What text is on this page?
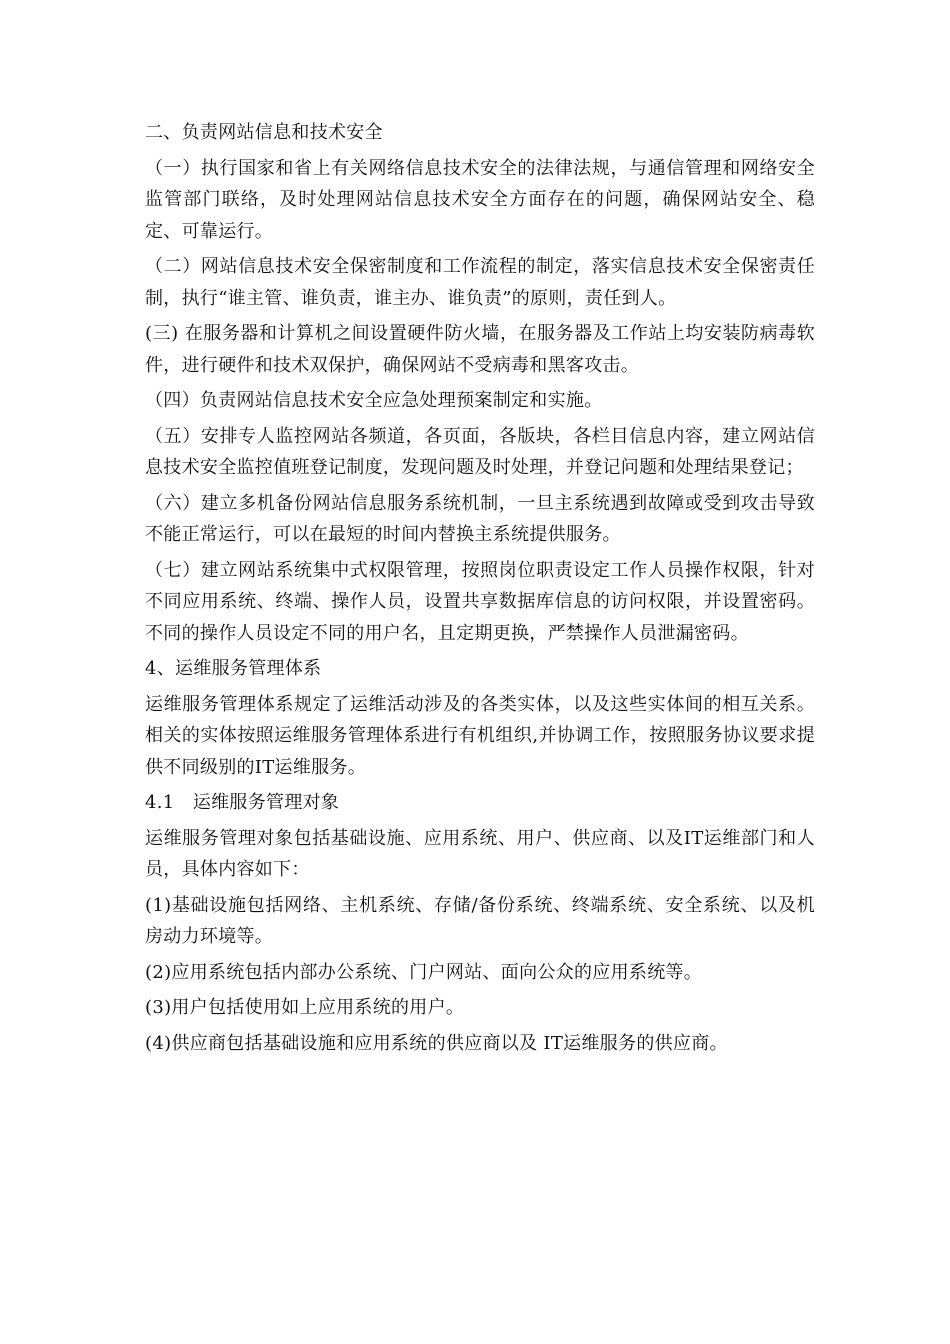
二、负责网站信息和技术安全

（一）执行国家和省上有关网络信息技术安全的法律法规，与通信管理和网络安全监管部门联络，及时处理网站信息技术安全方面存在的问题，确保网站安全、稳定、可靠运行。

（二）网站信息技术安全保密制度和工作流程的制定，落实信息技术安全保密责任制，执行“谁主管、谁负责，谁主办、谁负责”的原则，责任到人。

(三) 在服务器和计算机之间设置硬件防火墙，在服务器及工作站上均安装防病毒软件，进行硬件和技术双保护，确保网站不受病毒和黑客攻击。

（四）负责网站信息技术安全应急处理预案制定和实施。

（五）安排专人监控网站各频道，各页面，各版块，各栏目信息内容，建立网站信息技术安全监控值班登记制度，发现问题及时处理，并登记问题和处理结果登记；

（六）建立多机备份网站信息服务系统机制，一旦主系统遇到故障或受到攻击导致不能正常运行，可以在最短的时间内替换主系统提供服务。

（七）建立网站系统集中式权限管理，按照岗位职责设定工作人员操作权限，针对不同应用系统、终端、操作人员，设置共享数据库信息的访问权限，并设置密码。不同的操作人员设定不同的用户名，且定期更换，严禁操作人员泄漏密码。

4、运维服务管理体系

运维服务管理体系规定了运维活动涉及的各类实体，以及这些实体间的相互关系。相关的实体按照运维服务管理体系进行有机组织,并协调工作，按照服务协议要求提供不同级别的IT运维服务。

4.1　运维服务管理对象

运维服务管理对象包括基础设施、应用系统、用户、供应商、以及IT运维部门和人员，具体内容如下：

(1)基础设施包括网络、主机系统、存储/备份系统、终端系统、安全系统、以及机房动力环境等。

(2)应用系统包括内部办公系统、门户网站、面向公众的应用系统等。

(3)用户包括使用如上应用系统的用户。

(4)供应商包括基础设施和应用系统的供应商以及 IT运维服务的供应商。
